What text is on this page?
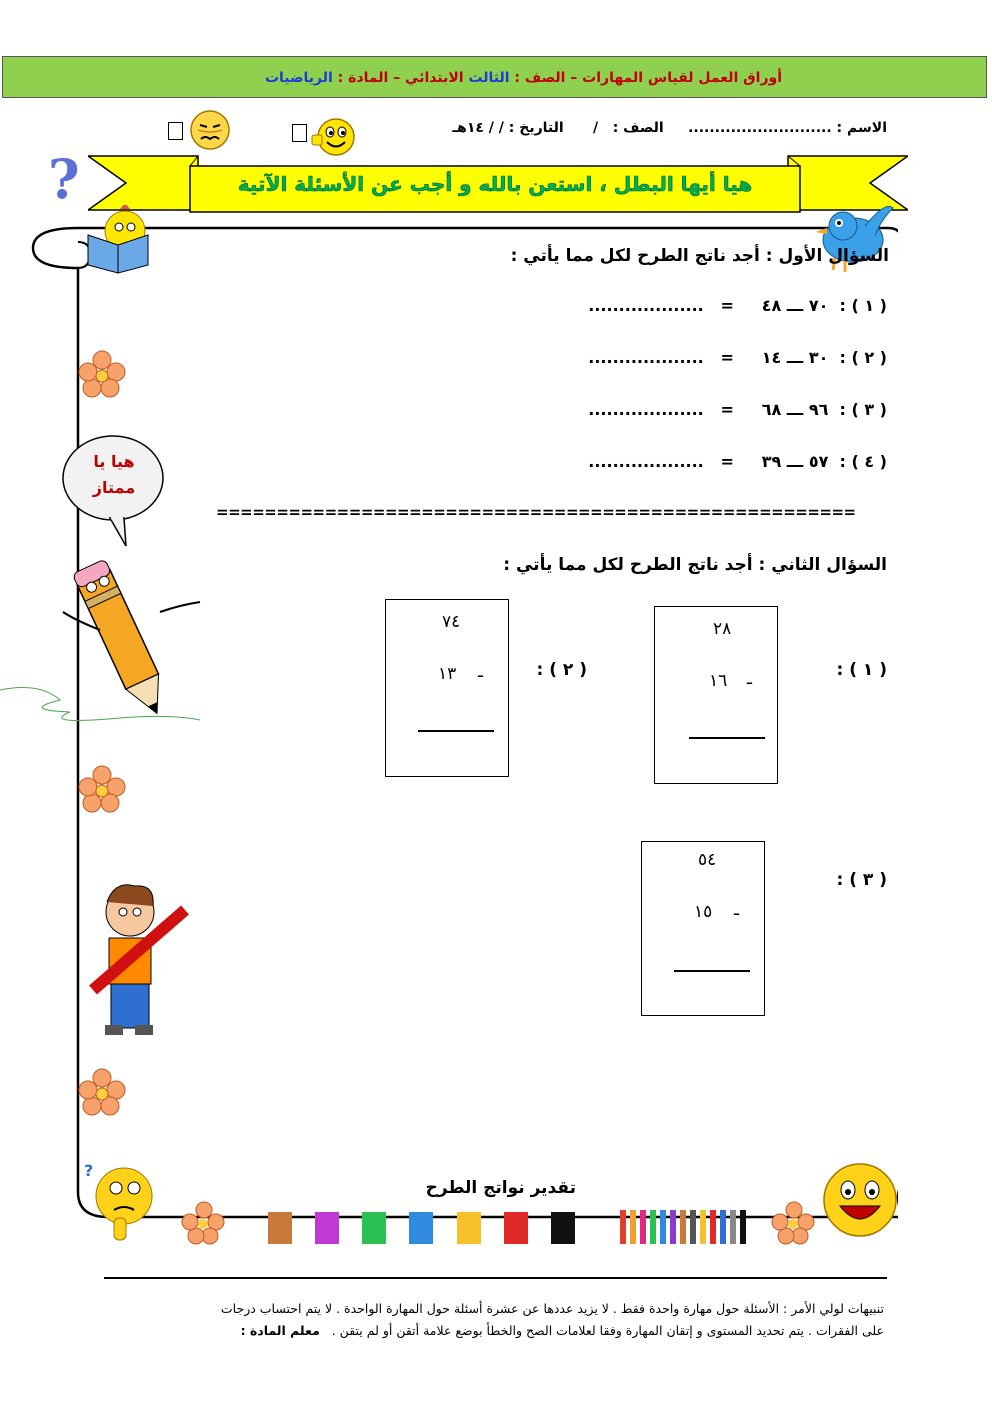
أوراق العمل لقياس المهارات – الصف : الثالث الابتدائي – المادة : الرياضيات
الاسم : ...........................     الصف :   /      التاريخ : / / ١٤هـ
?	هيا أيها البطل ، استعن بالله و أجب عن الأسئلة الآتية
السؤال الأول : أجد ناتج الطرح لكل مما يأتي :
( ١ ) :  ٧٠ ـــ ٤٨     =   ...................
( ٢ ) :  ٣٠ ـــ ١٤     =   ...................
( ٣ ) :  ٩٦ ـــ ٦٨     =   ...................
( ٤ ) :  ٥٧ ـــ ٣٩     =   ...................
=====================================================
السؤال الثاني : أجد ناتج الطرح لكل مما يأتي :
( ١ ) :
٢٨
١٦ ـ
( ٢ ) :
٧٤
١٣ ـ
( ٣ ) :
٥٤
١٥ ـ
هيا يا
ممتاز
?
تقدير نواتج الطرح
تنبيهات لولي الأمر : الأسئلة حول مهارة واحدة فقط . لا يزيد عددها عن عشرة أسئلة حول المهارة الواحدة . لا يتم احتساب درجات
على الفقرات . يتم تحديد المستوى و إتقان المهارة وفقا لعلامات الصح والخطأ بوضع علامة أتقن أو لم يتقن .   معلم المادة :
